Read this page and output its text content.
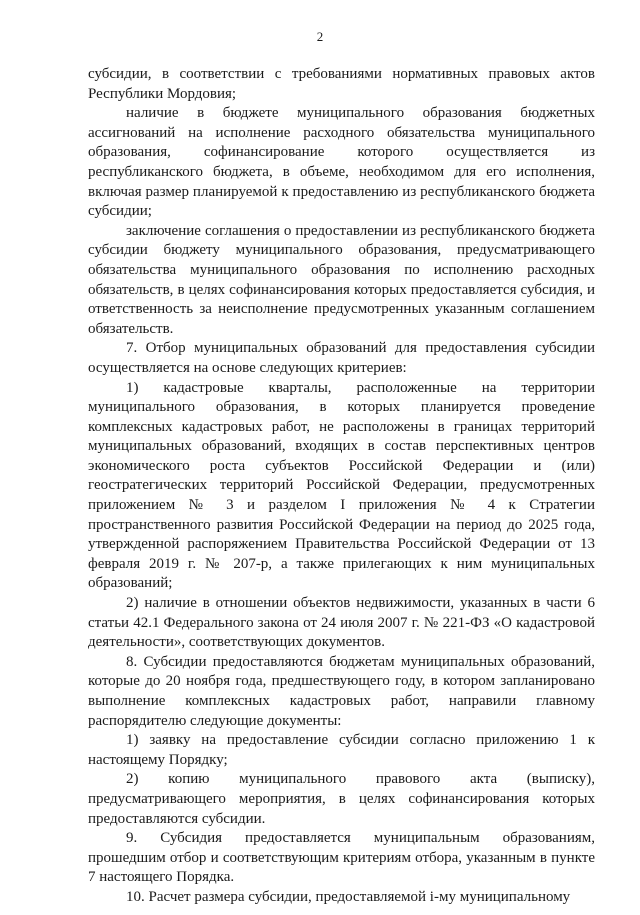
2

субсидии, в соответствии с требованиями нормативных правовых актов Республики Мордовия;

наличие в бюджете муниципального образования бюджетных ассигнований на исполнение расходного обязательства муниципального образования, софинансирование которого осуществляется из республиканского бюджета, в объеме, необходимом для его исполнения, включая размер планируемой к предоставлению из республиканского бюджета субсидии;

заключение соглашения о предоставлении из республиканского бюджета субсидии бюджету муниципального образования, предусматривающего обязательства муниципального образования по исполнению расходных обязательств, в целях софинансирования которых предоставляется субсидия, и ответственность за неисполнение предусмотренных указанным соглашением обязательств.

7. Отбор муниципальных образований для предоставления субсидии осуществляется на основе следующих критериев:

1) кадастровые кварталы, расположенные на территории муниципального образования, в которых планируется проведение комплексных кадастровых работ, не расположены в границах территорий муниципальных образований, входящих в состав перспективных центров экономического роста субъектов Российской Федерации и (или) геостратегических территорий Российской Федерации, предусмотренных приложением № 3 и разделом I приложения № 4 к Стратегии пространственного развития Российской Федерации на период до 2025 года, утвержденной распоряжением Правительства Российской Федерации от 13 февраля 2019 г. № 207-р, а также прилегающих к ним муниципальных образований;

2) наличие в отношении объектов недвижимости, указанных в части 6 статьи 42.1 Федерального закона от 24 июля 2007 г. № 221-ФЗ «О кадастровой деятельности», соответствующих документов.

8. Субсидии предоставляются бюджетам муниципальных образований, которые до 20 ноября года, предшествующего году, в котором запланировано выполнение комплексных кадастровых работ, направили главному распорядителю следующие документы:

1) заявку на предоставление субсидии согласно приложению 1 к настоящему Порядку;

2) копию муниципального правового акта (выписку), предусматривающего мероприятия, в целях софинансирования которых предоставляются субсидии.

9. Субсидия предоставляется муниципальным образованиям, прошедшим отбор и соответствующим критериям отбора, указанным в пункте 7 настоящего Порядка.

10. Расчет размера субсидии, предоставляемой i-му муниципальному
